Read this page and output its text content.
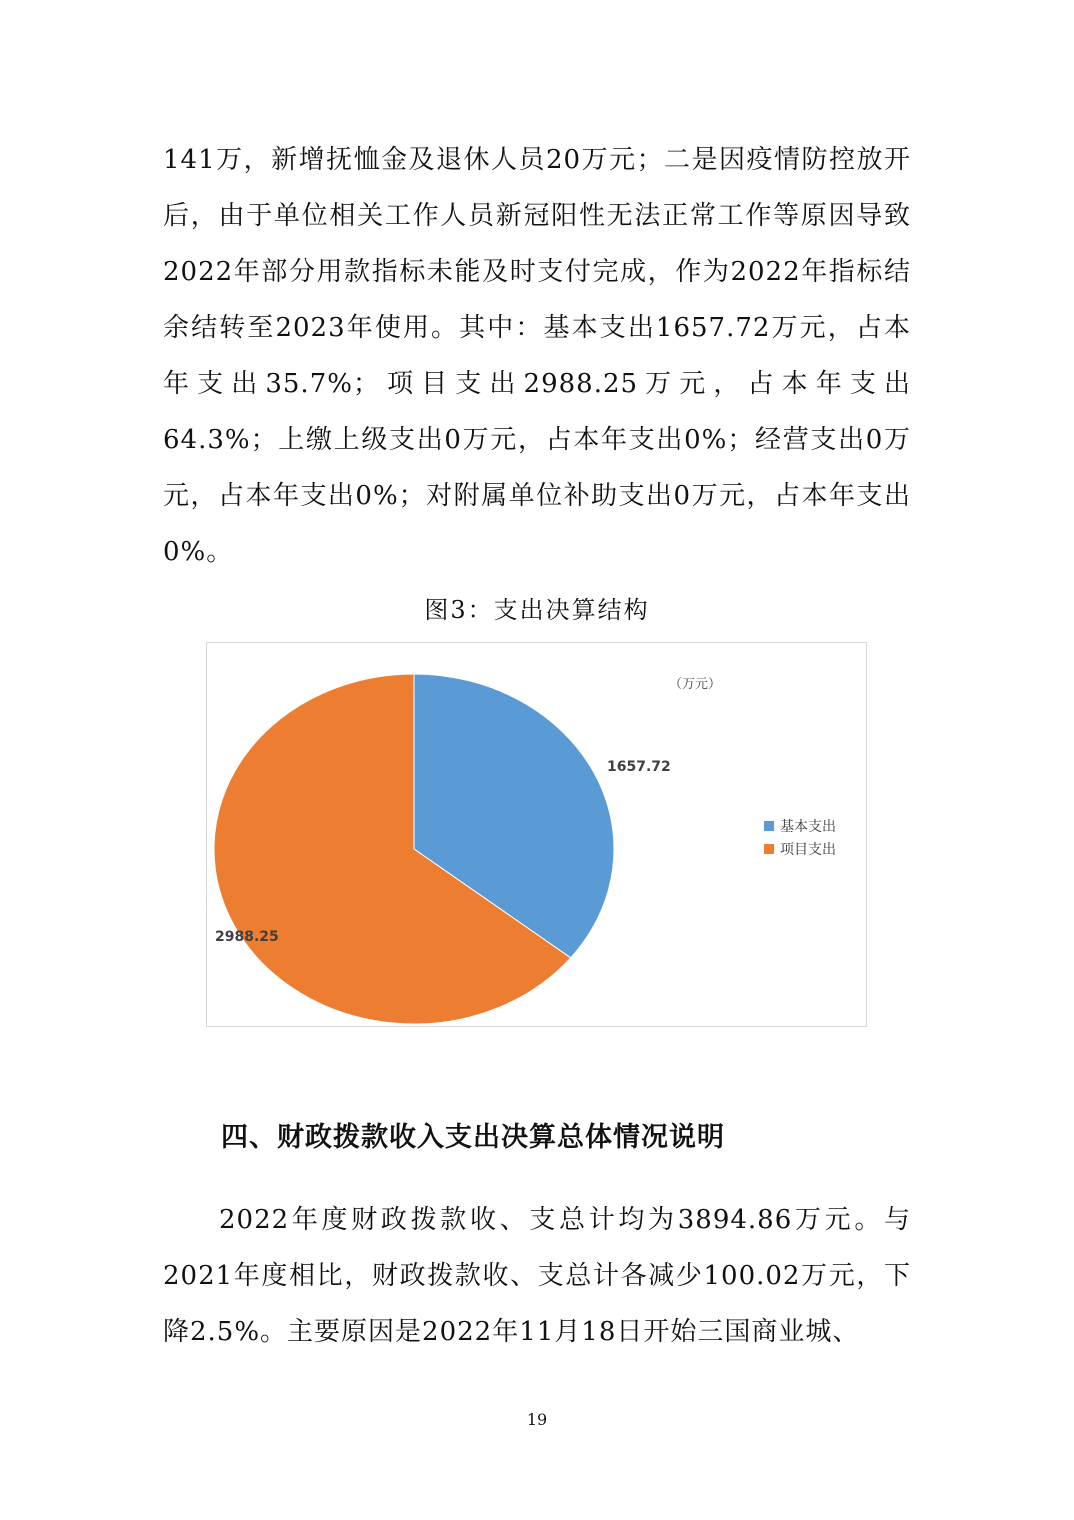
141万，新增抚恤金及退休人员20万元；二是因疫情防控放开后，由于单位相关工作人员新冠阳性无法正常工作等原因导致2022年部分用款指标未能及时支付完成，作为2022年指标结余结转至2023年使用。其中：基本支出1657.72万元，占本年支出35.7%；项目支出2988.25万元，占本年支出64.3%；上缴上级支出0万元，占本年支出0%；经营支出0万元，占本年支出0%；对附属单位补助支出0万元，占本年支出0%。
图3：支出决算结构
1657.72
2988.25
（万元）
基本支出
项目支出
四、财政拨款收入支出决算总体情况说明
2022年度财政拨款收、支总计均为3894.86万元。与2021年度相比，财政拨款收、支总计各减少100.02万元，下降2.5%。主要原因是2022年11月18日开始三国商业城、
19
